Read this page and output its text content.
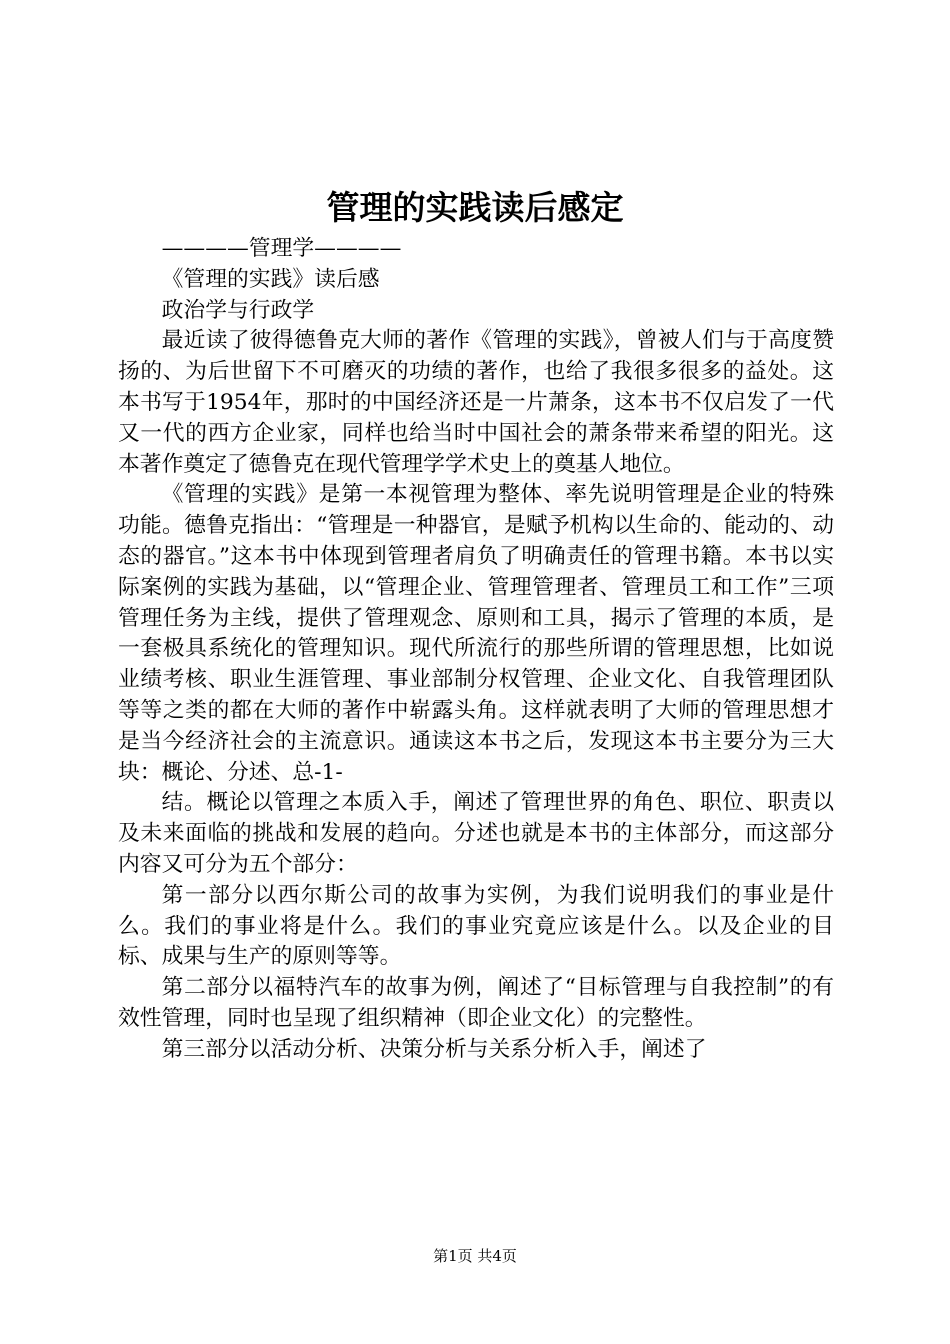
管理的实践读后感定

————管理学————

《管理的实践》读后感

政治学与行政学

最近读了彼得德鲁克大师的著作《管理的实践》，曾被人们与于高度赞扬的、为后世留下不可磨灭的功绩的著作，也给了我很多很多的益处。这本书写于1954年，那时的中国经济还是一片萧条，这本书不仅启发了一代又一代的西方企业家，同样也给当时中国社会的萧条带来希望的阳光。这本著作奠定了德鲁克在现代管理学学术史上的奠基人地位。

《管理的实践》是第一本视管理为整体、率先说明管理是企业的特殊功能。德鲁克指出：“管理是一种器官，是赋予机构以生命的、能动的、动态的器官。”这本书中体现到管理者肩负了明确责任的管理书籍。本书以实际案例的实践为基础，以“管理企业、管理管理者、管理员工和工作”三项管理任务为主线，提供了管理观念、原则和工具，揭示了管理的本质，是一套极具系统化的管理知识。现代所流行的那些所谓的管理思想，比如说业绩考核、职业生涯管理、事业部制分权管理、企业文化、自我管理团队等等之类的都在大师的著作中崭露头角。这样就表明了大师的管理思想才是当今经济社会的主流意识。通读这本书之后，发现这本书主要分为三大块：概论、分述、总-1-

结。概论以管理之本质入手，阐述了管理世界的角色、职位、职责以及未来面临的挑战和发展的趋向。分述也就是本书的主体部分，而这部分内容又可分为五个部分：

第一部分以西尔斯公司的故事为实例，为我们说明我们的事业是什么。我们的事业将是什么。我们的事业究竟应该是什么。以及企业的目标、成果与生产的原则等等。

第二部分以福特汽车的故事为例，阐述了“目标管理与自我控制”的有效性管理，同时也呈现了组织精神（即企业文化）的完整性。

第三部分以活动分析、决策分析与关系分析入手，阐述了

第1页 共4页
